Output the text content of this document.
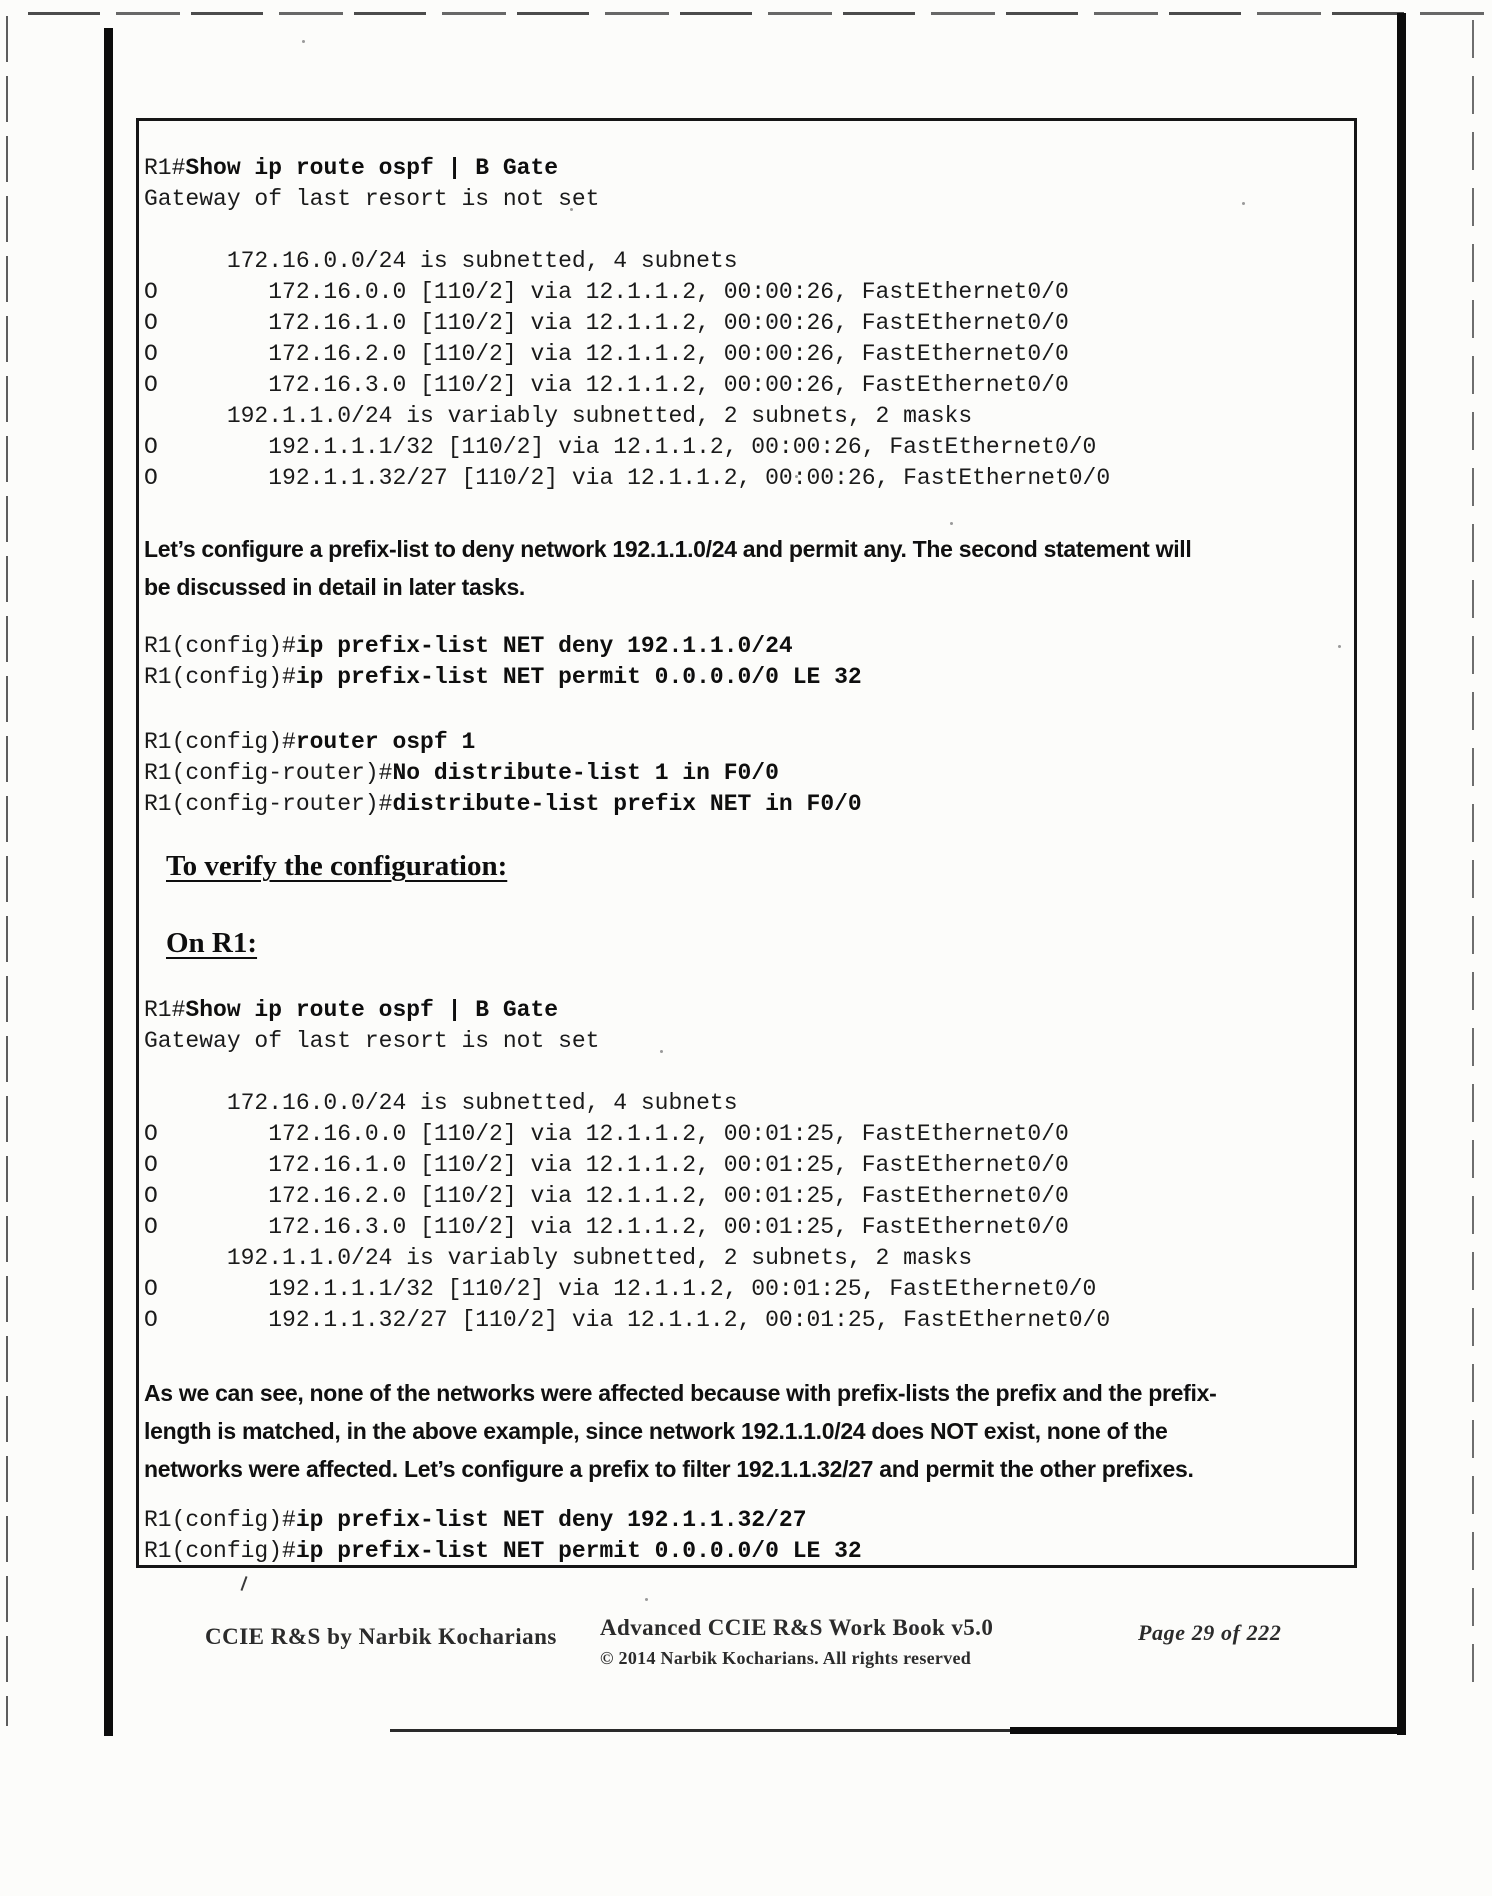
R1#Show ip route ospf | B Gate
Gateway of last resort is not set

172.16.0.0/24 is subnetted, 4 subnets
O        172.16.0.0 [110/2] via 12.1.1.2, 00:00:26, FastEthernet0/0
O        172.16.1.0 [110/2] via 12.1.1.2, 00:00:26, FastEthernet0/0
O        172.16.2.0 [110/2] via 12.1.1.2, 00:00:26, FastEthernet0/0
O        172.16.3.0 [110/2] via 12.1.1.2, 00:00:26, FastEthernet0/0
192.1.1.0/24 is variably subnetted, 2 subnets, 2 masks
O        192.1.1.1/32 [110/2] via 12.1.1.2, 00:00:26, FastEthernet0/0
O        192.1.1.32/27 [110/2] via 12.1.1.2, 00:00:26, FastEthernet0/0
Let’s configure a prefix-list to deny network 192.1.1.0/24 and permit any. The second statement will
be discussed in detail in later tasks.
R1(config)#ip prefix-list NET deny 192.1.1.0/24
R1(config)#ip prefix-list NET permit 0.0.0.0/0 LE 32
R1(config)#router ospf 1
R1(config-router)#No distribute-list 1 in F0/0
R1(config-router)#distribute-list prefix NET in F0/0
To verify the configuration:
On R1:
R1#Show ip route ospf | B Gate
Gateway of last resort is not set

172.16.0.0/24 is subnetted, 4 subnets
O        172.16.0.0 [110/2] via 12.1.1.2, 00:01:25, FastEthernet0/0
O        172.16.1.0 [110/2] via 12.1.1.2, 00:01:25, FastEthernet0/0
O        172.16.2.0 [110/2] via 12.1.1.2, 00:01:25, FastEthernet0/0
O        172.16.3.0 [110/2] via 12.1.1.2, 00:01:25, FastEthernet0/0
192.1.1.0/24 is variably subnetted, 2 subnets, 2 masks
O        192.1.1.1/32 [110/2] via 12.1.1.2, 00:01:25, FastEthernet0/0
O        192.1.1.32/27 [110/2] via 12.1.1.2, 00:01:25, FastEthernet0/0
As we can see, none of the networks were affected because with prefix-lists the prefix and the prefix-
length is matched, in the above example, since network 192.1.1.0/24 does NOT exist, none of the
networks were affected. Let’s configure a prefix to filter 192.1.1.32/27 and permit the other prefixes.
R1(config)#ip prefix-list NET deny 192.1.1.32/27
R1(config)#ip prefix-list NET permit 0.0.0.0/0 LE 32
CCIE R&S by Narbik Kocharians Advanced CCIE R&S Work Book v5.0
© 2014 Narbik Kocharians. All rights reserved
Page 29 of 222
